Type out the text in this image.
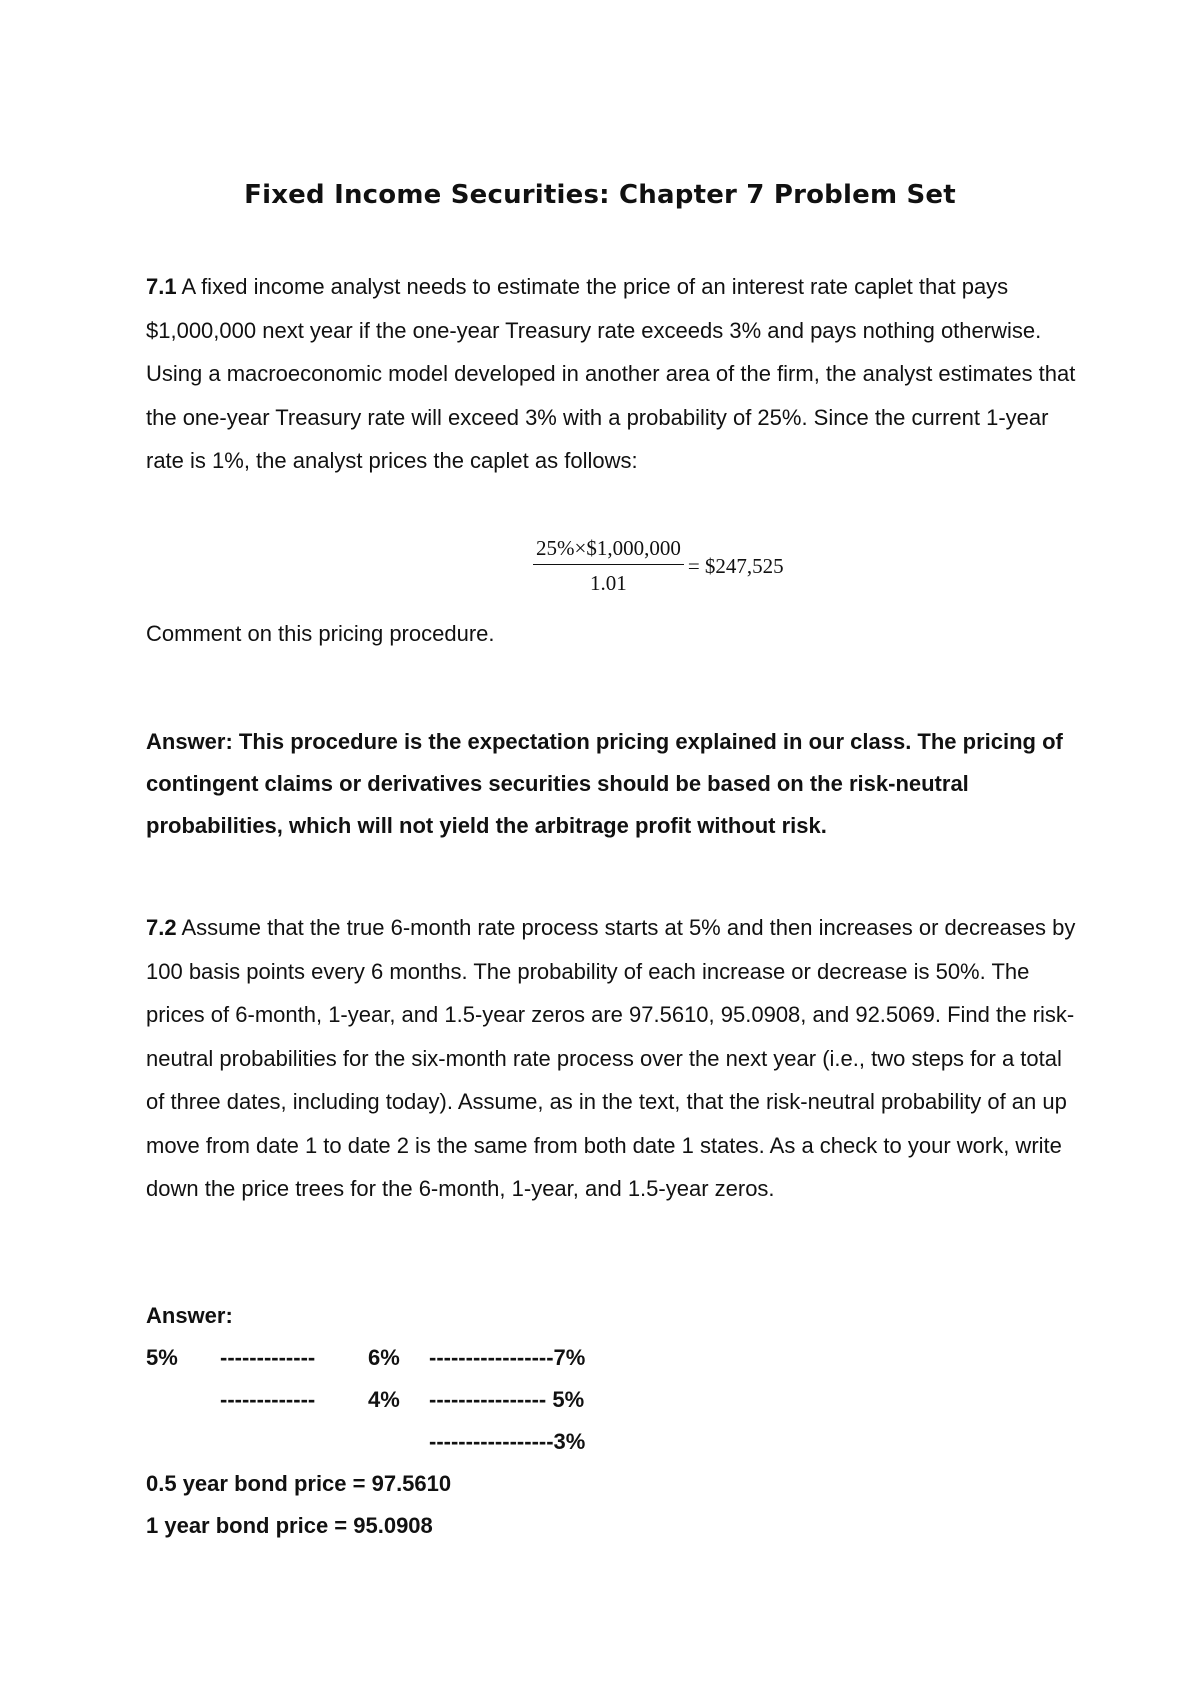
Fixed Income Securities: Chapter 7 Problem Set

7.1 A fixed income analyst needs to estimate the price of an interest rate caplet that pays $1,000,000 next year if the one-year Treasury rate exceeds 3% and pays nothing otherwise. Using a macroeconomic model developed in another area of the firm, the analyst estimates that the one-year Treasury rate will exceed 3% with a probability of 25%. Since the current 1-year rate is 1%, the analyst prices the caplet as follows:

$\frac{25\%\times\$1,000,000}{1.01}$ = $247,525

Comment on this pricing procedure.

Answer: This procedure is the expectation pricing explained in our class. The pricing of contingent claims or derivatives securities should be based on the risk-neutral probabilities, which will not yield the arbitrage profit without risk.

7.2 Assume that the true 6-month rate process starts at 5% and then increases or decreases by 100 basis points every 6 months. The probability of each increase or decrease is 50%. The prices of 6-month, 1-year, and 1.5-year zeros are 97.5610, 95.0908, and 92.5069. Find the risk-neutral probabilities for the six-month rate process over the next year (i.e., two steps for a total of three dates, including today). Assume, as in the text, that the risk-neutral probability of an up move from date 1 to date 2 is the same from both date 1 states. As a check to your work, write down the price trees for the 6-month, 1-year, and 1.5-year zeros.

Answer:
5% ------------- 6% -----------------7%
------------- 4% ---------------- 5%
-----------------3%
0.5 year bond price = 97.5610
1 year bond price = 95.0908
